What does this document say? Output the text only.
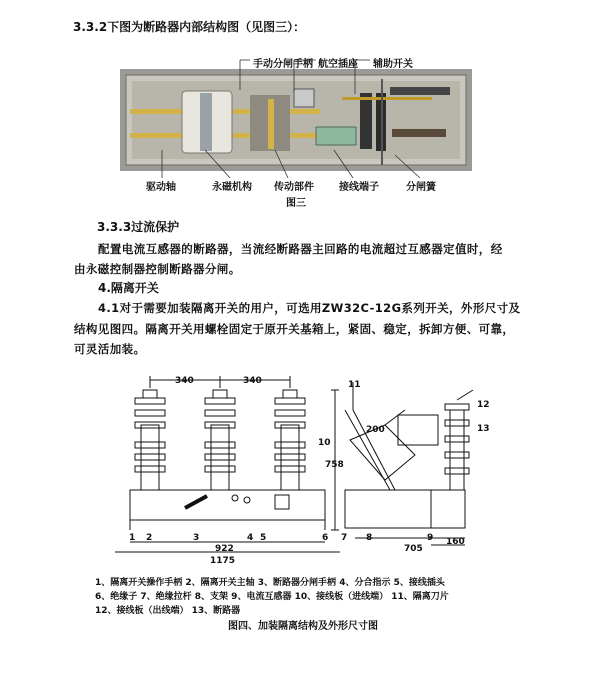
3.3.2下图为断路器内部结构图（见图三）：
手动分闸手柄 航空插座 辅助开关
驱动轴	永磁机构 传动部件	接线端子	分闸簧
图三
3.3.3过流保护
配置电流互感器的断路器，当流经断路器主回路的电流超过互感器定值时，经
由永磁控制器控制断路器分闸。
4.隔离开关
4.1对于需要加装隔离开关的用户，可选用ZW32C-12G系列开关，外形尺寸及
结构见图四。隔离开关用螺栓固定于原开关基箱上，紧固、稳定，拆卸方便、可靠，
可灵活加装。
340	340
758
922
1175
200
705
160
1 2	3	4 5	6 7 8	9
10
11
12
13
1、隔离开关操作手柄 2、隔离开关主轴 3、断路器分闸手柄 4、分合指示 5、接线插头
6、绝缘子 7、绝缘拉杆 8、支架 9、电流互感器 10、接线板（进线端） 11、隔离刀片
12、接线板（出线端） 13、断路器
图四、加装隔离结构及外形尺寸图
